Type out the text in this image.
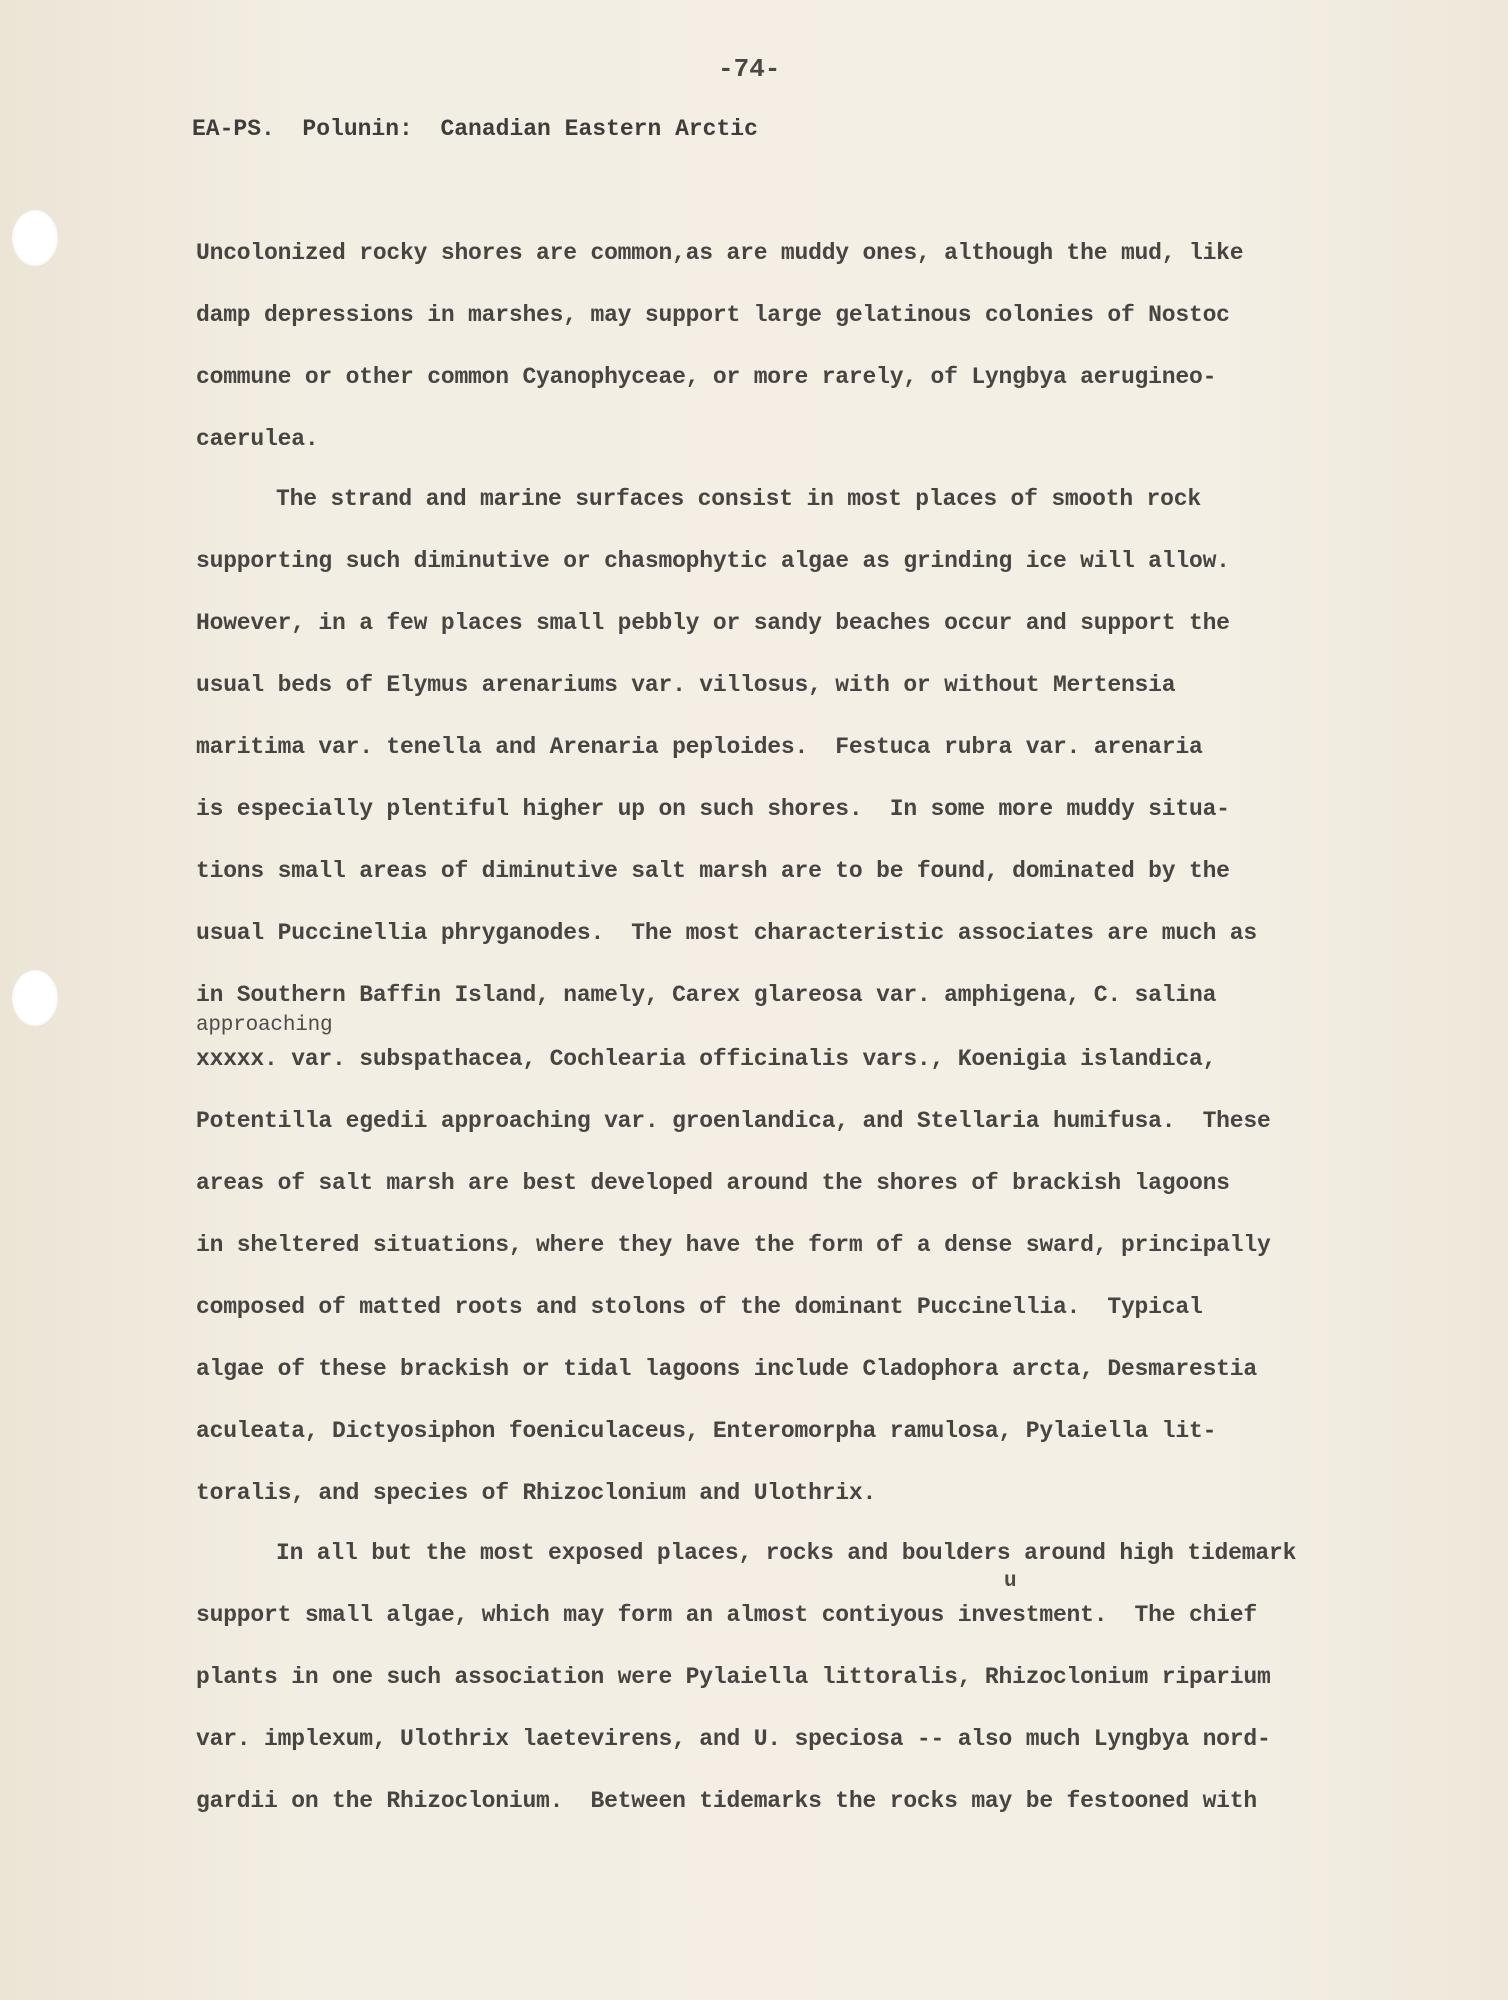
-74-
EA-PS.  Polunin:  Canadian Eastern Arctic
Uncolonized rocky shores are common,as are muddy ones, although the mud, like
damp depressions in marshes, may support large gelatinous colonies of Nostoc
commune or other common Cyanophyceae, or more rarely, of Lyngbya aerugineo-
caerulea.
The strand and marine surfaces consist in most places of smooth rock
supporting such diminutive or chasmophytic algae as grinding ice will allow.
However, in a few places small pebbly or sandy beaches occur and support the
usual beds of Elymus arenariums var. villosus, with or without Mertensia
maritima var. tenella and Arenaria peploides.  Festuca rubra var. arenaria
is especially plentiful higher up on such shores.  In some more muddy situa-
tions small areas of diminutive salt marsh are to be found, dominated by the
usual Puccinellia phryganodes.  The most characteristic associates are much as
in Southern Baffin Island, namely, Carex glareosa var. amphigena, C. salina
approaching
xxxxx. var. subspathacea, Cochlearia officinalis vars., Koenigia islandica,
Potentilla egedii approaching var. groenlandica, and Stellaria humifusa.  These
areas of salt marsh are best developed around the shores of brackish lagoons
in sheltered situations, where they have the form of a dense sward, principally
composed of matted roots and stolons of the dominant Puccinellia.  Typical
algae of these brackish or tidal lagoons include Cladophora arcta, Desmarestia
aculeata, Dictyosiphon foeniculaceus, Enteromorpha ramulosa, Pylaiella lit-
toralis, and species of Rhizoclonium and Ulothrix.
In all but the most exposed places, rocks and boulders around high tidemark
u
support small algae, which may form an almost contiyous investment.  The chief
plants in one such association were Pylaiella littoralis, Rhizoclonium riparium
var. implexum, Ulothrix laetevirens, and U. speciosa -- also much Lyngbya nord-
gardii on the Rhizoclonium.  Between tidemarks the rocks may be festooned with
